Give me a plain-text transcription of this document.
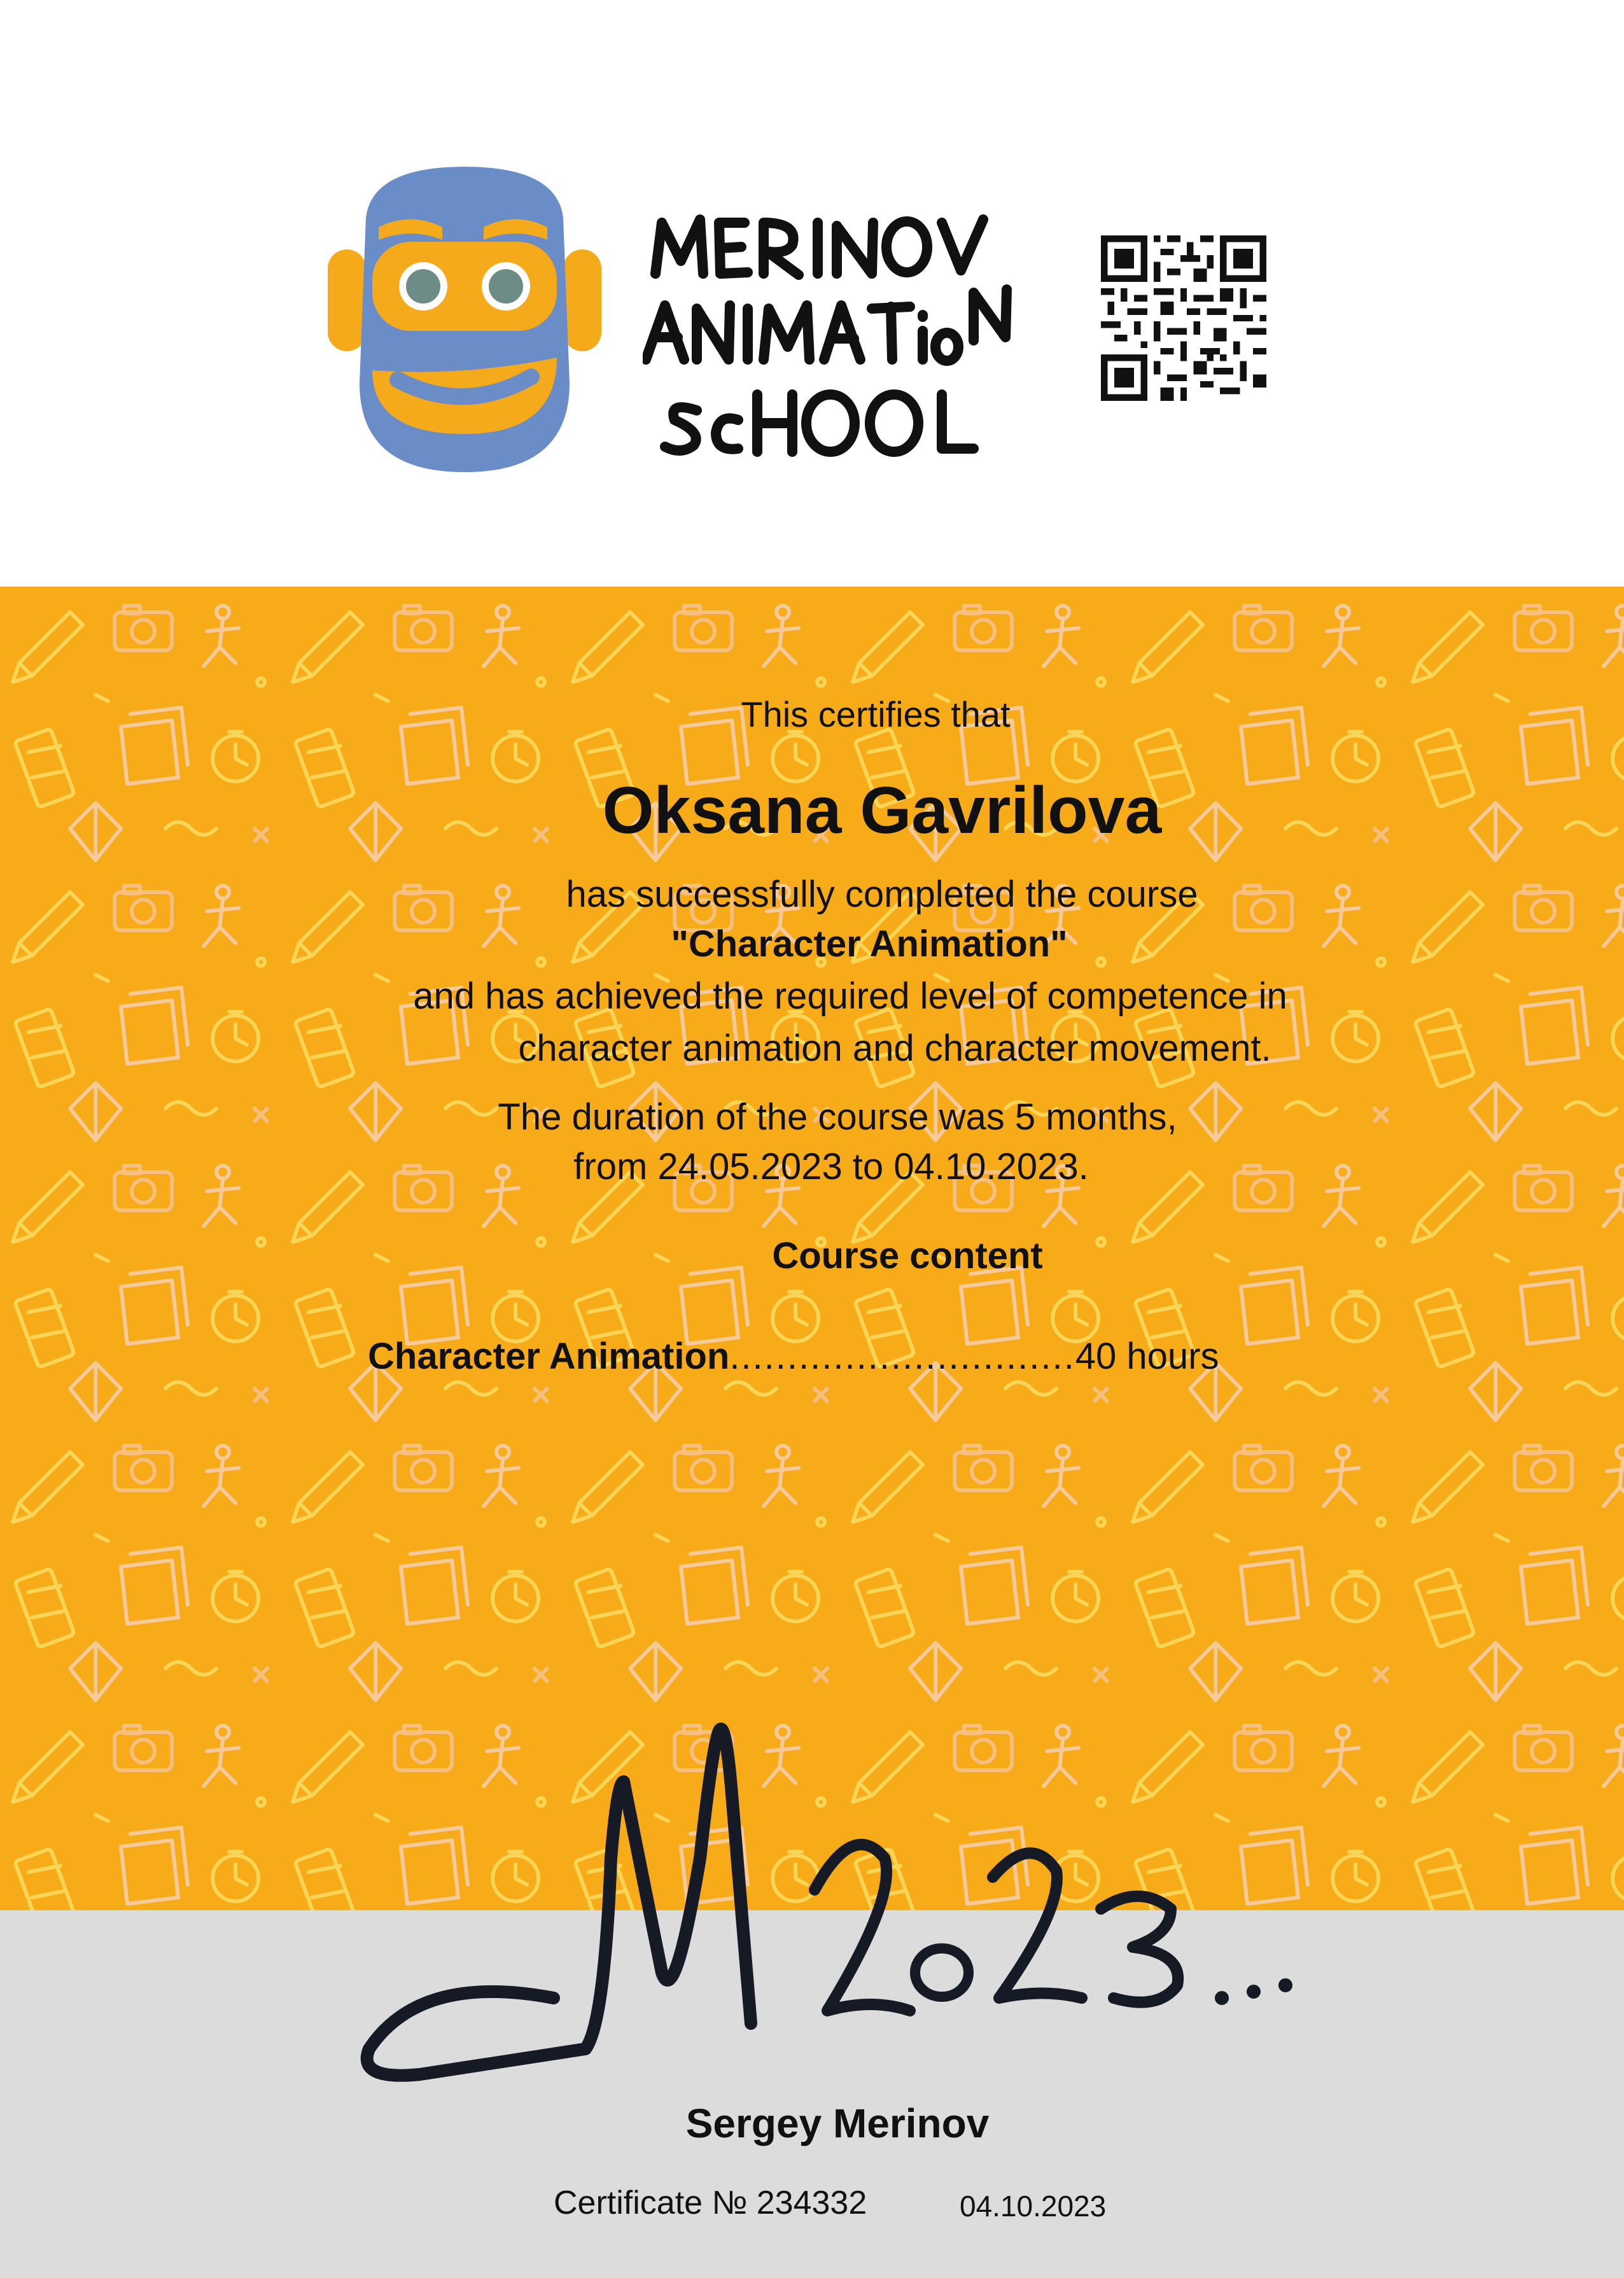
This certifies that
Oksana Gavrilova
has successfully completed the course
"Character Animation"
and has achieved the required level of competence in
character animation and character movement.
The duration of the course was 5 months,
from 24.05.2023 to 04.10.2023.
Course content
Character Animation .............................. 40 hours
Sergey Merinov
Certificate № 234332	04.10.2023
